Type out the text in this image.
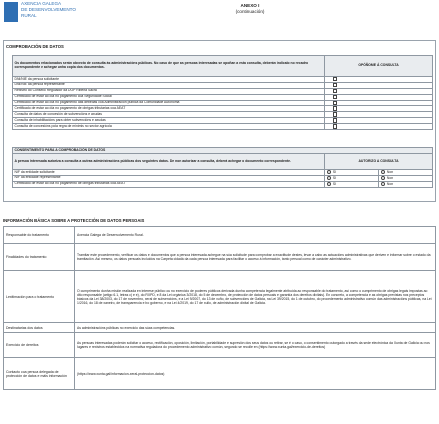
AXENCIA GALEGA
DE DESENVOLVEMENTO
RURAL
ANEXO I
(continuación)
COMPROBACIÓN DE DATOS
Os documentos relacionados serán obxecto de consulta ás administracións públicas. No caso de que as persoas interesadas se opoñan a esta consulta, deberán indicalo no recadro correspondente e achegar unha copia dos documentos.	OPÓÑOME Á CONSULTA
DNI/NIE da persoa solicitante	
DNI/NIE da persoa representante	
Rexistro do Consello Regulador da DOP Ribeira Sacra	
Certificado de estar ao día no pagamento coa Seguridade Social	
Certificado de estar ao día no pagamento das débedas coa Administración pública da Comunidade Autónoma	
Certificado de estar ao día no pagamento de obrigas tributarias coa AEAT	
Consulta de datos de concesión de subvencións e axudas	
Consulta de inhabilitacións para obter subvencións e axudas	
Consulta de concesións pola regra de minimis no sector agrícola	
CONSENTIMENTO PARA A COMPROBACIÓN DE DATOS		
A persoa interesada autoriza a consulta a outras administracións públicas dos seguintes datos. De non autorizar a consulta, deberá achegar o documento correspondente.	AUTORIZO A CONSULTA	
NIF da entidade solicitante	SI	Non
NIF da entidade representante	SI	Non
Certificado de estar ao día no pagamento de obrigas tributarias coa AEAT	SI	Non
INFORMACIÓN BÁSICA SOBRE A PROTECCIÓN DE DATOS PERSOAIS
Responsable do tratamento	Axencia Galega de Desenvolvemento Rural.
Finalidades do tratamento	Tramitar este procedemento, verificar os datos e documentos que a persoa interesada achegue na súa solicitude para comprobar a exactitude destes, levar a cabo as actuacións administrativas que deriven e informar sobre o estado da tramitación. Así mesmo, os datos persoais incluídos na Carpeta cidadá da cada persoa interesada para facilitar o acceso á información, tanto persoal como de carácter administrativo.
Lexitimación para o tratamento	O cumprimento dunha misión realizada en interese público ou no exercicio de poderes públicos derivada dunha competencia legalmente atribuída ao responsable do tratamento, así como o cumprimento de obrigas legais impostas ao dito responsable (artigo 6.1, letras c) e e), do RXPD, e 8 da Lei orgánica 3/2018, do 5 de decembro, de protección de datos persoais e garantía dos dereitos dixitais). En concreto, a competencia e as obrigas previstas nos preceptos básicos da Lei 38/2003, do 17 de novembro, xeral de subvencións, e a Lei 9/2007, do 13 de xuño, de subvencións de Galicia, na Lei 39/2015, do 1 de outubro, do procedemento administrativo común das administracións públicas, na Lei 1/2016, do 18 de xaneiro, de transparencia e bo goberno, e na Lei 4/2019, do 17 de xullo, de administración dixital de Galicia.
Destinatarias dos datos	As administracións públicas no exercicio das súas competencias.
Exercicio de dereitos	As persoas interesadas poderán solicitar o acceso, rectificación, oposición, limitación, portabilidade e supresión dos seus datos ou retirar, se é o caso, o consentimento outorgado a través da sede electrónica da Xunta de Galicia ou nos lugares e rexistros establecidos na normativa reguladora do procedemento administrativo común, segundo se recolle en (https://www.xunta.gal/exercicio-de-dereitos)
Contacto coa persoa delegada de protección de datos e máis información	(https://www.xunta.gal/informacion-xeral-proteccion-datos)
